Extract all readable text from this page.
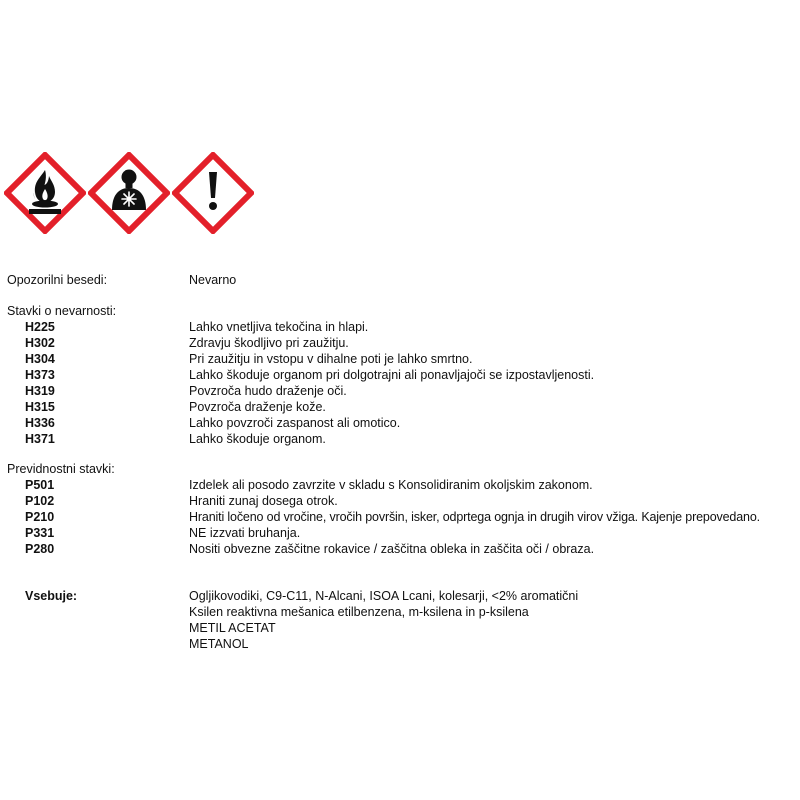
Opozorilni besedi:	Nevarno
Stavki o nevarnosti:
H225	Lahko vnetljiva tekočina in hlapi.
H302	Zdravju škodljivo pri zaužitju.
H304	Pri zaužitju in vstopu v dihalne poti je lahko smrtno.
H373	Lahko škoduje organom pri dolgotrajni ali ponavljajoči se izpostavljenosti.
H319	Povzroča hudo draženje oči.
H315	Povzroča draženje kože.
H336	Lahko povzroči zaspanost ali omotico.
H371	Lahko škoduje organom.
Previdnostni stavki:
P501	Izdelek ali posodo zavrzite v skladu s Konsolidiranim okoljskim zakonom.
P102	Hraniti zunaj dosega otrok.
P210	Hraniti ločeno od vročine, vročih površin, isker, odprtega ognja in drugih virov vžiga. Kajenje prepovedano.
P331	NE izzvati bruhanja.
P280	Nositi obvezne zaščitne rokavice / zaščitna obleka in zaščita oči / obraza.
Vsebuje:	Ogljikovodiki, C9-C11, N-Alcani, ISOA Lcani, kolesarji, <2% aromatični
Ksilen reaktivna mešanica etilbenzena, m-ksilena in p-ksilena
METIL ACETAT
METANOL
